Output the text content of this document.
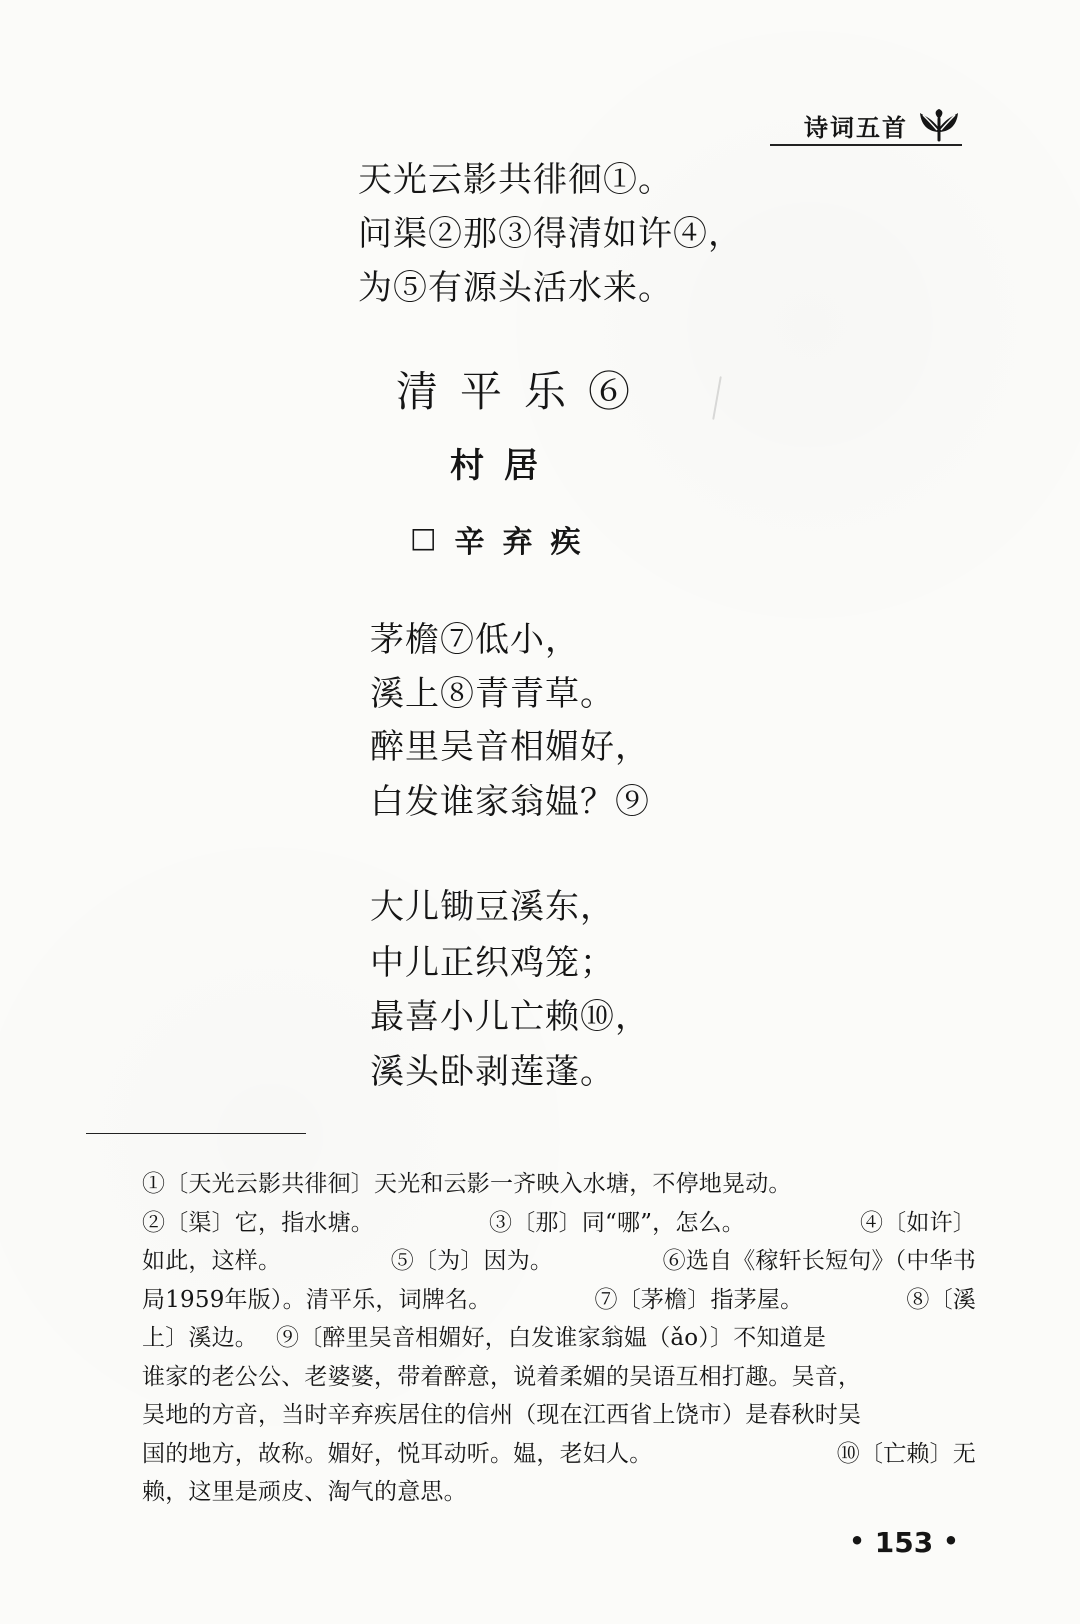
诗词五首
天光云影共徘徊①。
问渠②那③得清如许④，
为⑤有源头活水来。
清平乐⑥
村居
□ 辛弃疾
茅檐⑦低小，
溪上⑧青青草。
醉里吴音相媚好，
白发谁家翁媪？⑨
大儿锄豆溪东，
中儿正织鸡笼；
最喜小儿亡赖⑩，
溪头卧剥莲蓬。
①〔天光云影共徘徊〕天光和云影一齐映入水塘，不停地晃动。
②〔渠〕它，指水塘。	③〔那〕同“哪”，怎么。	④〔如许〕
如此，这样。	⑤〔为〕因为。	⑥选自《稼轩长短句》（中华书
局1959年版）。清平乐，词牌名。	⑦〔茅檐〕指茅屋。	⑧〔溪
上〕溪边。 ⑨〔醉里吴音相媚好，白发谁家翁媪（ǎo）〕不知道是
谁家的老公公、老婆婆，带着醉意，说着柔媚的吴语互相打趣。吴音，
吴地的方音，当时辛弃疾居住的信州（现在江西省上饶市）是春秋时吴
国的地方，故称。媚好，悦耳动听。媪，老妇人。	⑩〔亡赖〕无
赖，这里是顽皮、淘气的意思。
• 153 •
